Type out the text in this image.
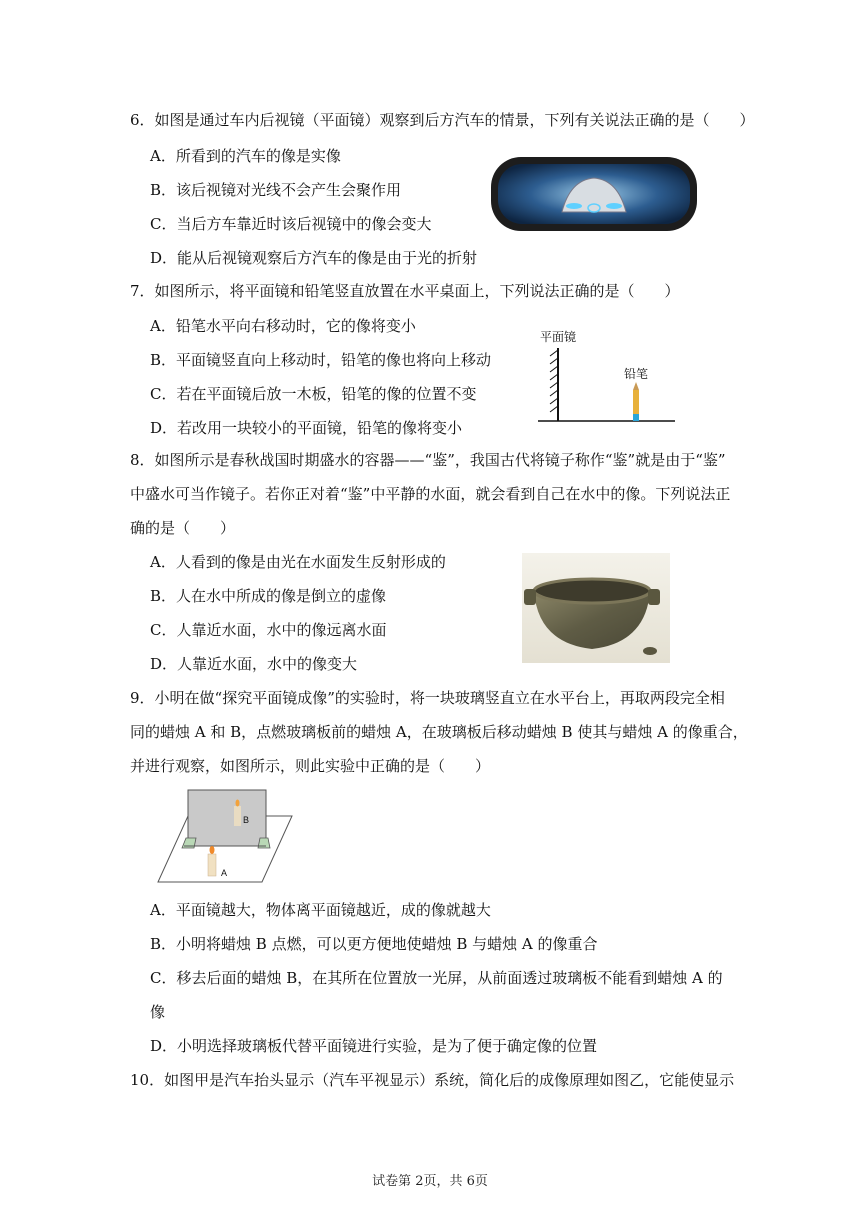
6．如图是通过车内后视镜（平面镜）观察到后方汽车的情景，下列有关说法正确的是（　　）
A．所看到的汽车的像是实像
B．该后视镜对光线不会产生会聚作用
C．当后方车靠近时该后视镜中的像会变大
D．能从后视镜观察后方汽车的像是由于光的折射
7．如图所示，将平面镜和铅笔竖直放置在水平桌面上，下列说法正确的是（　　）
A．铅笔水平向右移动时，它的像将变小
B．平面镜竖直向上移动时，铅笔的像也将向上移动
C．若在平面镜后放一木板，铅笔的像的位置不变
D．若改用一块较小的平面镜，铅笔的像将变小
平面镜
铅笔
8．如图所示是春秋战国时期盛水的容器——“鉴”，我国古代将镜子称作“鉴”就是由于“鉴”
中盛水可当作镜子。若你正对着“鉴”中平静的水面，就会看到自己在水中的像。下列说法正
确的是（　　）
A．人看到的像是由光在水面发生反射形成的
B．人在水中所成的像是倒立的虚像
C．人靠近水面，水中的像远离水面
D．人靠近水面，水中的像变大
9．小明在做“探究平面镜成像”的实验时，将一块玻璃竖直立在水平台上，再取两段完全相
同的蜡烛 A 和 B，点燃玻璃板前的蜡烛 A，在玻璃板后移动蜡烛 B 使其与蜡烛 A 的像重合，
并进行观察，如图所示，则此实验中正确的是（　　）
B
A
A．平面镜越大，物体离平面镜越近，成的像就越大
B．小明将蜡烛 B 点燃，可以更方便地使蜡烛 B 与蜡烛 A 的像重合
C．移去后面的蜡烛 B，在其所在位置放一光屏，从前面透过玻璃板不能看到蜡烛 A 的
像
D．小明选择玻璃板代替平面镜进行实验，是为了便于确定像的位置
10．如图甲是汽车抬头显示（汽车平视显示）系统，简化后的成像原理如图乙，它能使显示
试卷第 2页，共 6页
